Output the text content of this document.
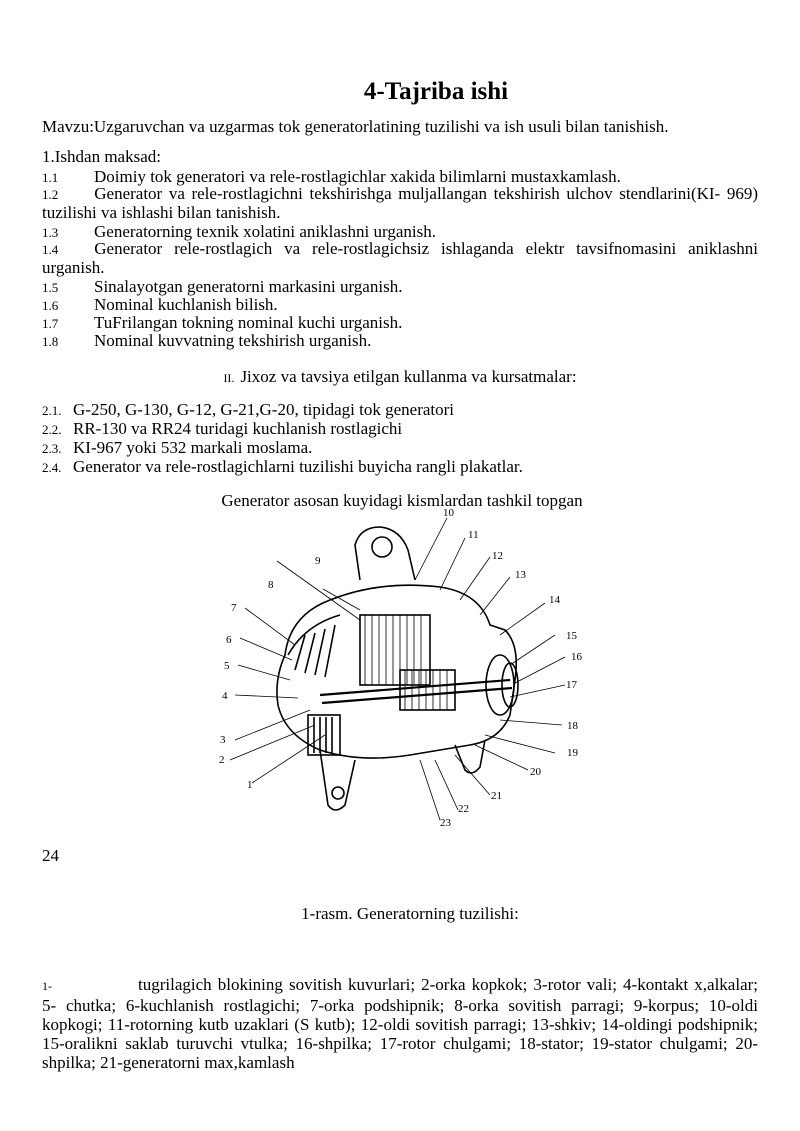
4-Tajriba ishi
Mavzu:Uzgaruvchan va uzgarmas tok generatorlatining tuzilishi va ish usuli bilan tanishish.
1.Ishdan maksad:
1.1 Doimiy tok generatori va rele-rostlagichlar xakida bilimlarni mustaxkamlash.
1.2 Generator va rele-rostlagichni tekshirishga muljallangan tekshirish ulchov stendlarini(KI- 969) tuzilishi va ishlashi bilan tanishish.
1.3 Generatorning texnik xolatini aniklashni urganish.
1.4 Generator rele-rostlagich va rele-rostlagichsiz ishlaganda elektr tavsifnomasini aniklashni urganish.
1.5 Sinalayotgan generatorni markasini urganish.
1.6 Nominal kuchlanish bilish.
1.7 TuFrilangan tokning nominal kuchi urganish.
1.8 Nominal kuvvatning tekshirish urganish.
II. Jixoz va tavsiya etilgan kullanma va kursatmalar:
2.1. G-250, G-130, G-12, G-21,G-20, tipidagi tok generatori
2.2. RR-130 va RR24 turidagi kuchlanish rostlagichi
2.3. KI-967 yoki 532 markali moslama.
2.4. Generator va rele-rostlagichlarni tuzilishi buyicha rangli plakatlar.
Generator asosan kuyidagi kismlardan tashkil topgan
1
2
3
4
5
6
7
8
9
10
11
12
13
14
15
16
17
18
19
20
21
22
23
24
1-rasm. Generatorning tuzilishi:
1-	tugrilagich blokining sovitish kuvurlari; 2-orka kopkok; 3-rotor vali; 4-kontakt x,alkalar; 5- chutka; 6-kuchlanish rostlagichi; 7-orka podshipnik; 8-orka sovitish parragi; 9-korpus; 10-oldi kopkogi; 11-rotorning kutb uzaklari (S kutb); 12-oldi sovitish parragi; 13-shkiv; 14-oldingi podshipnik; 15-oralikni saklab turuvchi vtulka; 16-shpilka; 17-rotor chulgami; 18-stator; 19-stator chulgami; 20-shpilka; 21-generatorni max,kamlash
